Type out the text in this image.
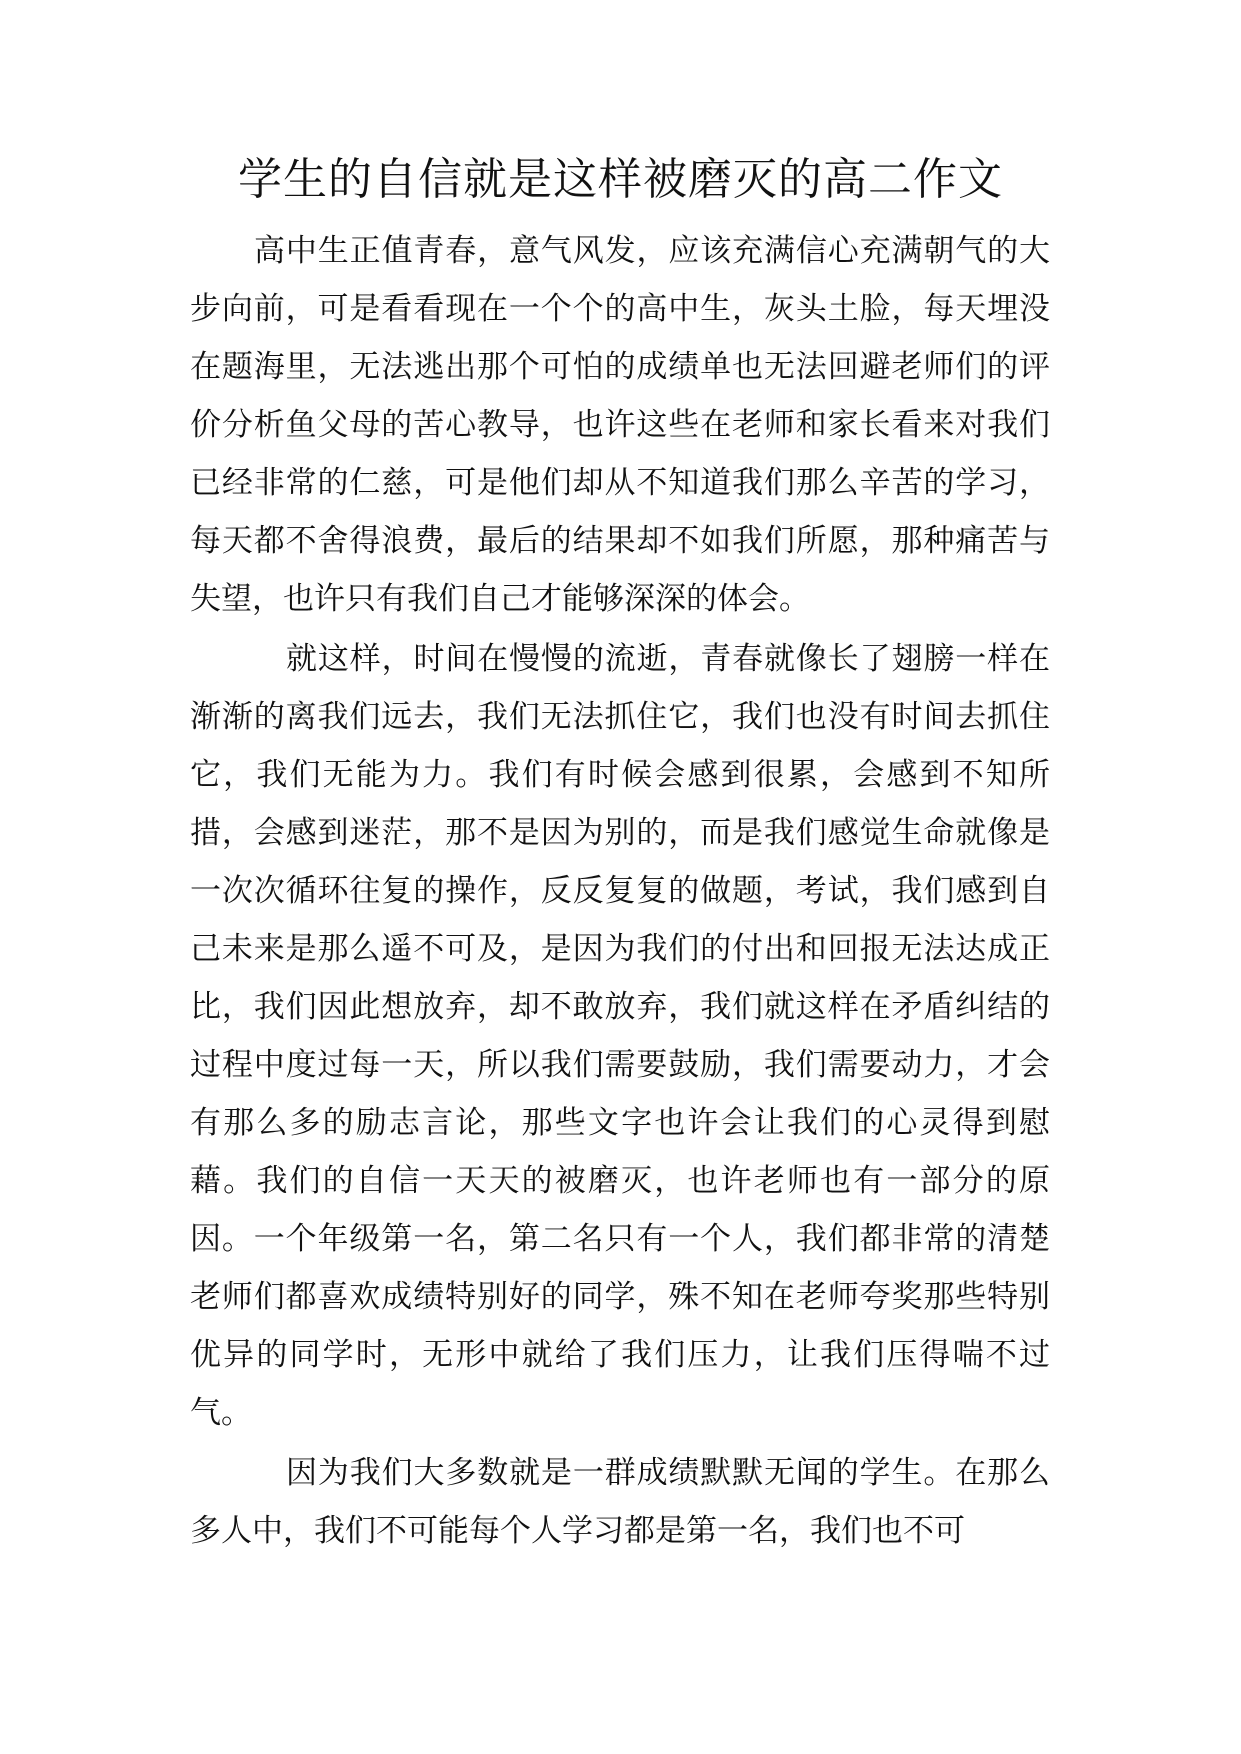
学生的自信就是这样被磨灭的高二作文

高中生正值青春，意气风发，应该充满信心充满朝气的大步向前，可是看看现在一个个的高中生，灰头土脸，每天埋没在题海里，无法逃出那个可怕的成绩单也无法回避老师们的评价分析鱼父母的苦心教导，也许这些在老师和家长看来对我们已经非常的仁慈，可是他们却从不知道我们那么辛苦的学习，每天都不舍得浪费，最后的结果却不如我们所愿，那种痛苦与失望，也许只有我们自己才能够深深的体会。

就这样，时间在慢慢的流逝，青春就像长了翅膀一样在渐渐的离我们远去，我们无法抓住它，我们也没有时间去抓住它，我们无能为力。我们有时候会感到很累，会感到不知所措，会感到迷茫，那不是因为别的，而是我们感觉生命就像是一次次循环往复的操作，反反复复的做题，考试，我们感到自己未来是那么遥不可及，是因为我们的付出和回报无法达成正比，我们因此想放弃，却不敢放弃，我们就这样在矛盾纠结的过程中度过每一天，所以我们需要鼓励，我们需要动力，才会有那么多的励志言论，那些文字也许会让我们的心灵得到慰藉。我们的自信一天天的被磨灭，也许老师也有一部分的原因。一个年级第一名，第二名只有一个人，我们都非常的清楚老师们都喜欢成绩特别好的同学，殊不知在老师夸奖那些特别优异的同学时，无形中就给了我们压力，让我们压得喘不过气。

因为我们大多数就是一群成绩默默无闻的学生。在那么多人中，我们不可能每个人学习都是第一名，我们也不可
